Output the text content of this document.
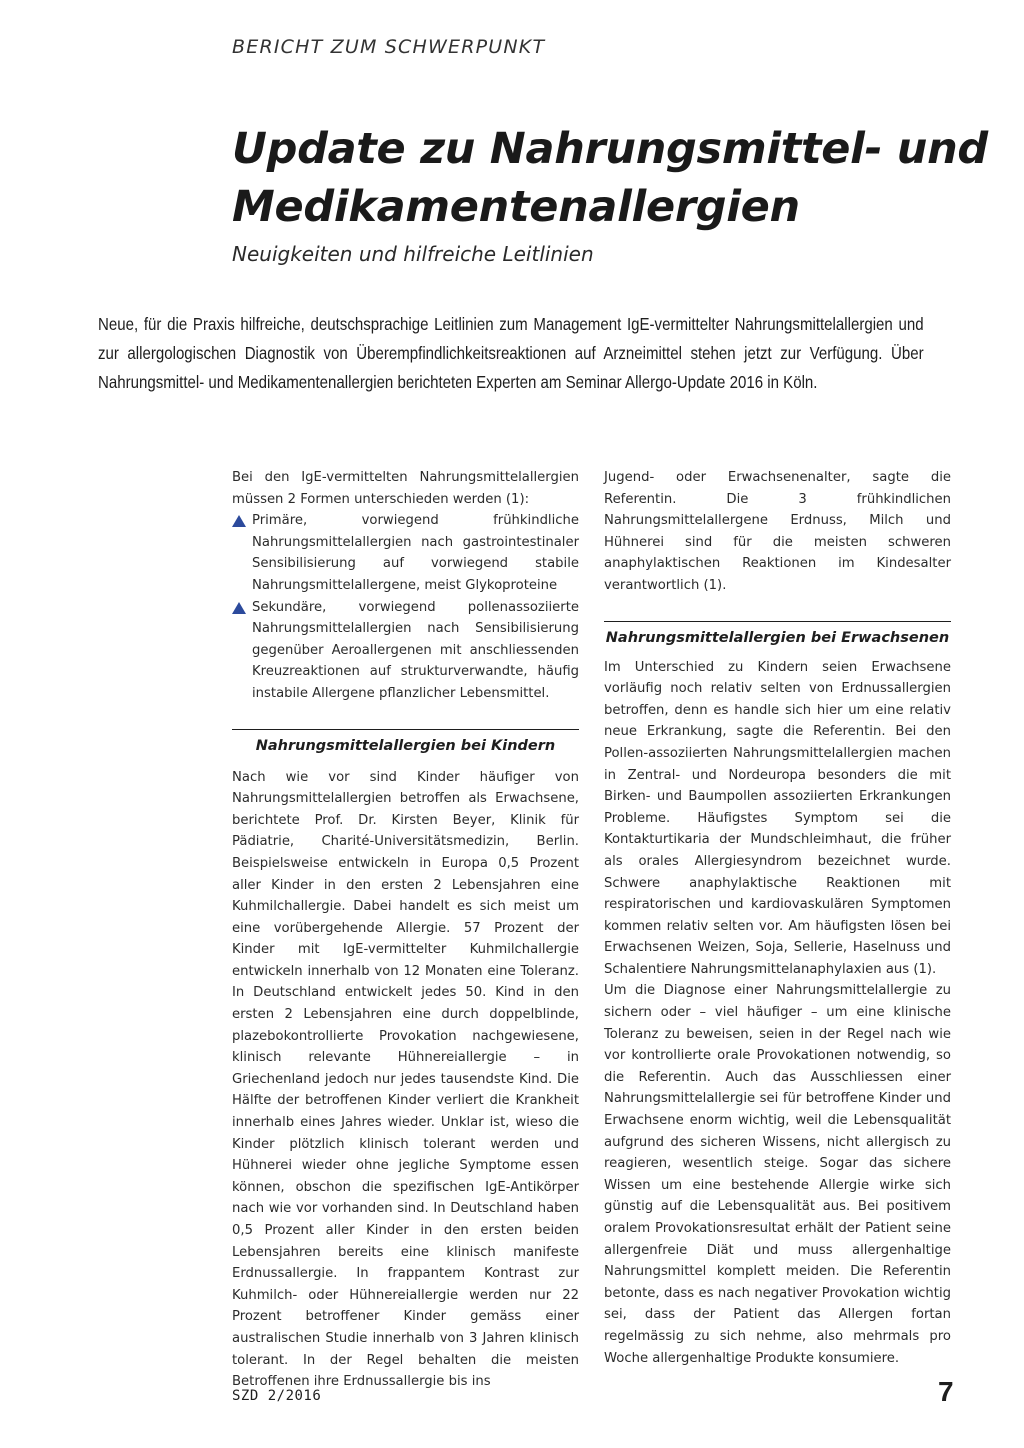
BERICHT ZUM SCHWERPUNKT
Update zu Nahrungsmittel- und Medikamentenallergien
Neuigkeiten und hilfreiche Leitlinien

Neue, für die Praxis hilfreiche, deutschsprachige Leitlinien zum Management IgE-vermittelter Nahrungsmittelallergien und zur allergologischen Diagnostik von Überempfindlichkeitsreaktionen auf Arzneimittel stehen jetzt zur Verfügung. Über Nahrungsmittel- und Medikamentenallergien berichteten Experten am Seminar Allergo-Update 2016 in Köln.

Bei den IgE-vermittelten Nahrungsmittelallergien müssen 2 Formen unterschieden werden (1):

Primäre, vorwiegend frühkindliche Nahrungsmittelallergien nach gastrointestinaler Sensibilisierung auf vorwiegend stabile Nahrungsmittelallergene, meist Glykoproteine
Sekundäre, vorwiegend pollenassoziierte Nahrungsmittelallergien nach Sensibilisierung gegenüber Aeroallergenen mit anschliessenden Kreuzreaktionen auf strukturverwandte, häufig instabile Allergene pflanzlicher Lebensmittel.
Nahrungsmittelallergien bei Kindern

Nach wie vor sind Kinder häufiger von Nahrungsmittelallergien betroffen als Erwachsene, berichtete Prof. Dr. Kirsten Beyer, Klinik für Pädiatrie, Charité-Universitätsmedizin, Berlin. Beispielsweise entwickeln in Europa 0,5 Prozent aller Kinder in den ersten 2 Lebensjahren eine Kuhmilchallergie. Dabei handelt es sich meist um eine vorübergehende Allergie. 57 Prozent der Kinder mit IgE-vermittelter Kuhmilchallergie entwickeln innerhalb von 12 Monaten eine Toleranz. In Deutschland entwickelt jedes 50. Kind in den ersten 2 Lebensjahren eine durch doppelblinde, plazebokontrollierte Provokation nachgewiesene, klinisch relevante Hühnereiallergie – in Griechenland jedoch nur jedes tausendste Kind. Die Hälfte der betroffenen Kinder verliert die Krankheit innerhalb eines Jahres wieder. Unklar ist, wieso die Kinder plötzlich klinisch tolerant werden und Hühnerei wieder ohne jegliche Symptome essen können, obschon die spezifischen IgE-Antikörper nach wie vor vorhanden sind. In Deutschland haben 0,5 Prozent aller Kinder in den ersten beiden Lebensjahren bereits eine klinisch manifeste Erdnussallergie. In frappantem Kontrast zur Kuhmilch- oder Hühnereiallergie werden nur 22 Prozent betroffener Kinder gemäss einer australischen Studie innerhalb von 3 Jahren klinisch tolerant. In der Regel behalten die meisten Betroffenen ihre Erdnussallergie bis ins

Jugend- oder Erwachsenenalter, sagte die Referentin. Die 3 frühkindlichen Nahrungsmittelallergene Erdnuss, Milch und Hühnerei sind für die meisten schweren anaphylaktischen Reaktionen im Kindesalter verantwortlich (1).

Nahrungsmittelallergien bei Erwachsenen

Im Unterschied zu Kindern seien Erwachsene vorläufig noch relativ selten von Erdnussallergien betroffen, denn es handle sich hier um eine relativ neue Erkrankung, sagte die Referentin. Bei den Pollen-assoziierten Nahrungsmittelallergien machen in Zentral- und Nordeuropa besonders die mit Birken- und Baumpollen assoziierten Erkrankungen Probleme. Häufigstes Symptom sei die Kontakturtikaria der Mundschleimhaut, die früher als orales Allergiesyndrom bezeichnet wurde. Schwere anaphylaktische Reaktionen mit respiratorischen und kardiovaskulären Symptomen kommen relativ selten vor. Am häufigsten lösen bei Erwachsenen Weizen, Soja, Sellerie, Haselnuss und Schalentiere Nahrungsmittelanaphylaxien aus (1).

Um die Diagnose einer Nahrungsmittelallergie zu sichern oder – viel häufiger – um eine klinische Toleranz zu beweisen, seien in der Regel nach wie vor kontrollierte orale Provokationen notwendig, so die Referentin. Auch das Ausschliessen einer Nahrungsmittelallergie sei für betroffene Kinder und Erwachsene enorm wichtig, weil die Lebensqualität aufgrund des sicheren Wissens, nicht allergisch zu reagieren, wesentlich steige. Sogar das sichere Wissen um eine bestehende Allergie wirke sich günstig auf die Lebensqualität aus. Bei positivem oralem Provokationsresultat erhält der Patient seine allergenfreie Diät und muss allergenhaltige Nahrungsmittel komplett meiden. Die Referentin betonte, dass es nach negativer Provokation wichtig sei, dass der Patient das Allergen fortan regelmässig zu sich nehme, also mehrmals pro Woche allergenhaltige Produkte konsumiere.

SZD 2/2016	7
